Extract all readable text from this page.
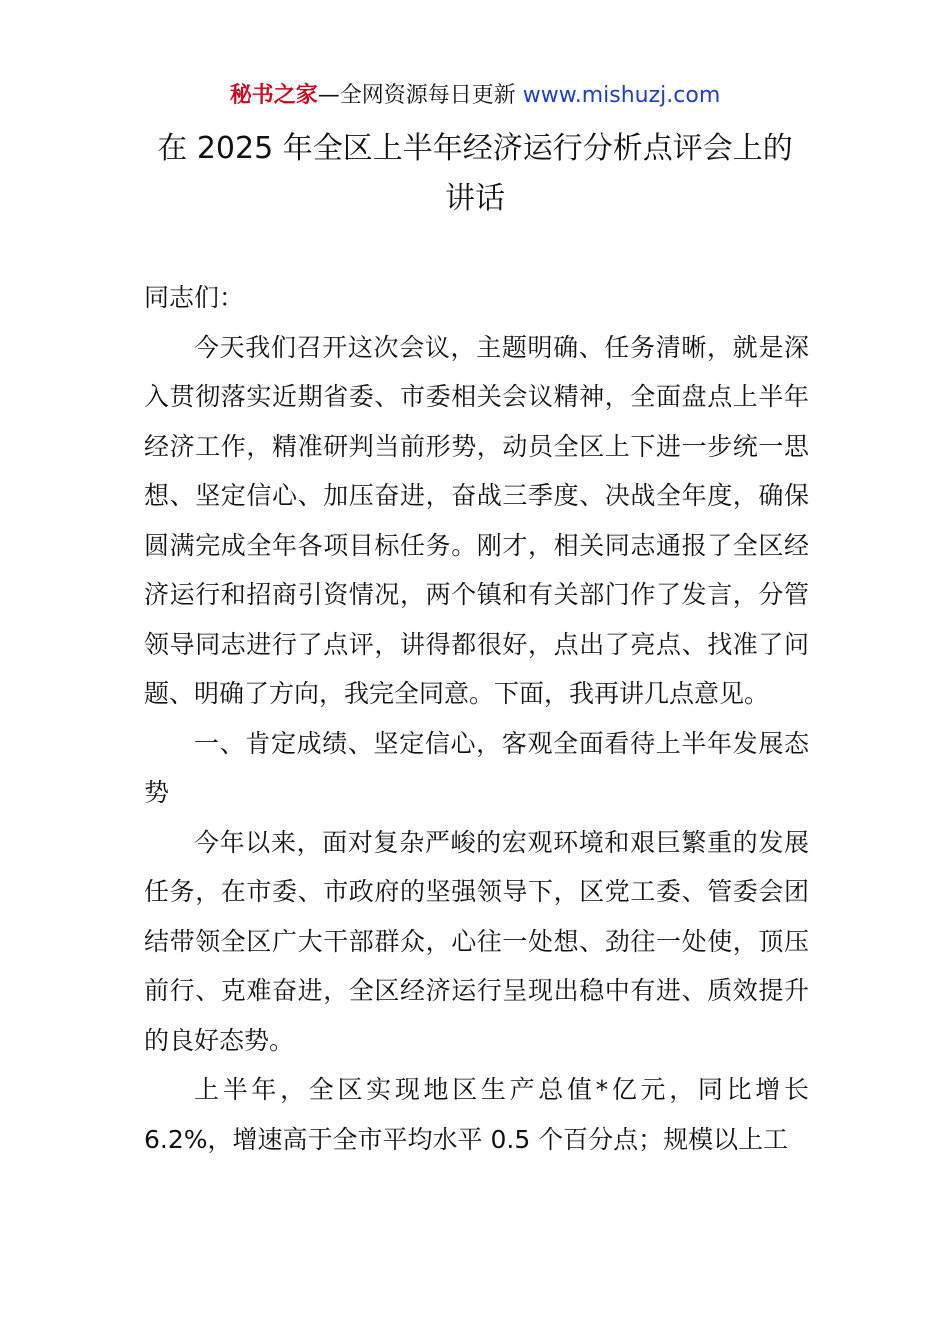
秘书之家—全网资源每日更新 www.mishuzj.com
在 2025 年全区上半年经济运行分析点评会上的
讲话

同志们：

今天我们召开这次会议，主题明确、任务清晰，就是深入贯彻落实近期省委、市委相关会议精神，全面盘点上半年经济工作，精准研判当前形势，动员全区上下进一步统一思想、坚定信心、加压奋进，奋战三季度、决战全年度，确保圆满完成全年各项目标任务。刚才，相关同志通报了全区经济运行和招商引资情况，两个镇和有关部门作了发言，分管领导同志进行了点评，讲得都很好，点出了亮点、找准了问题、明确了方向，我完全同意。下面，我再讲几点意见。

一、肯定成绩、坚定信心，客观全面看待上半年发展态势

今年以来，面对复杂严峻的宏观环境和艰巨繁重的发展任务，在市委、市政府的坚强领导下，区党工委、管委会团结带领全区广大干部群众，心往一处想、劲往一处使，顶压前行、克难奋进，全区经济运行呈现出稳中有进、质效提升的良好态势。

上半年，全区实现地区生产总值*亿元，同比增长 6.2%，增速高于全市平均水平 0.5 个百分点；规模以上工
